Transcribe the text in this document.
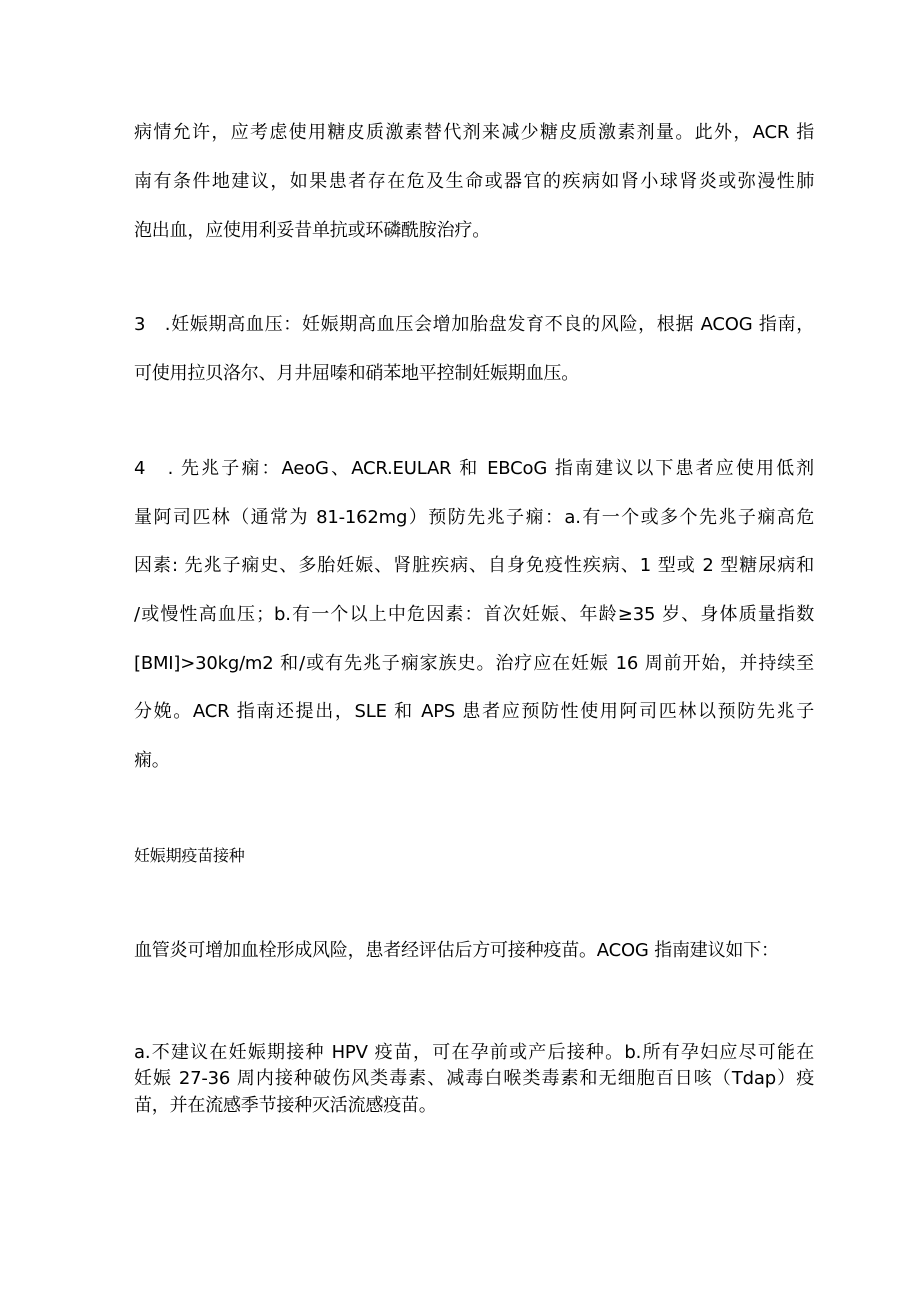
病情允许，应考虑使用糖皮质激素替代剂来减少糖皮质激素剂量。此外，ACR 指
南有条件地建议，如果患者存在危及生命或器官的疾病如肾小球肾炎或弥漫性肺
泡出血，应使用利妥昔单抗或环磷酰胺治疗。
3　.妊娠期高血压：妊娠期高血压会增加胎盘发育不良的风险，根据 ACOG 指南，
可使用拉贝洛尔、月井屈嗪和硝苯地平控制妊娠期血压。
4　. 先兆子痫：AeoG、ACR.EULAR 和 EBCoG 指南建议以下患者应使用低剂
量阿司匹林（通常为 81-162mg）预防先兆子痫：a.有一个或多个先兆子痫高危
因素: 先兆子痫史、多胎妊娠、肾脏疾病、自身免疫性疾病、1 型或 2 型糖尿病和
/或慢性高血压；b.有一个以上中危因素：首次妊娠、年龄≥35 岁、身体质量指数
[BMI]>30kg∕m2 和/或有先兆子痫家族史。治疗应在妊娠 16 周前开始，并持续至
分娩。ACR 指南还提出，SLE 和 APS 患者应预防性使用阿司匹林以预防先兆子
痫。
妊娠期疫苗接种
血管炎可增加血栓形成风险，患者经评估后方可接种疫苗。ACOG 指南建议如下：
a.不建议在妊娠期接种 HPV 疫苗，可在孕前或产后接种。b.所有孕妇应尽可能在
妊娠 27-36 周内接种破伤风类毒素、减毒白喉类毒素和无细胞百日咳（Tdap）疫
苗，并在流感季节接种灭活流感疫苗。
